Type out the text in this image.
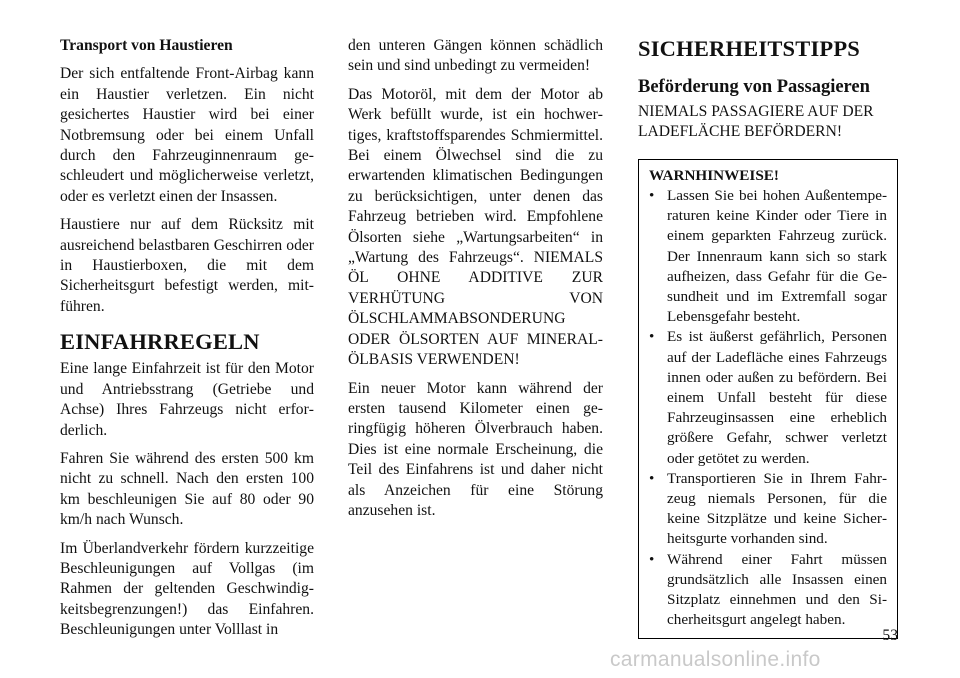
Transport von Haustieren

Der sich entfaltende Front-Airbag kann ein Haustier verletzen. Ein nicht gesichertes Haustier wird bei einer Notbremsung oder bei einem Unfall durch den Fahrzeuginnenraum geschleudert und möglicherweise verletzt, oder es verletzt einen der Insassen.

Haustiere nur auf dem Rücksitz mit ausreichend belastbaren Geschirren oder in Haustierboxen, die mit dem Sicherheitsgurt befestigt werden, mitführen.

EINFAHRREGELN

Eine lange Einfahrzeit ist für den Motor und Antriebsstrang (Getriebe und Achse) Ihres Fahrzeugs nicht erforderlich.

Fahren Sie während des ersten 500 km nicht zu schnell. Nach den ersten 100 km beschleunigen Sie auf 80 oder 90 km/h nach Wunsch.

Im Überlandverkehr fördern kurzzeitige Beschleunigungen auf Vollgas (im Rahmen der geltenden Geschwindigkeitsbegrenzungen!) das Einfahren. Beschleunigungen unter Volllast in

den unteren Gängen können schädlich sein und sind unbedingt zu vermeiden!

Das Motoröl, mit dem der Motor ab Werk befüllt wurde, ist ein hochwertiges, kraftstoffsparendes Schmiermittel. Bei einem Ölwechsel sind die zu erwartenden klimatischen Bedingungen zu berücksichtigen, unter denen das Fahrzeug betrieben wird. Empfohlene Ölsorten siehe „Wartungsarbeiten“ in „Wartung des Fahrzeugs“. NIEMALS ÖL OHNE ADDITIVE ZUR VERHÜTUNG VON ÖLSCHLAMMABSONDERUNG ODER ÖLSORTEN AUF MINERALÖLBASIS VERWENDEN!

Ein neuer Motor kann während der ersten tausend Kilometer einen geringfügig höheren Ölverbrauch haben. Dies ist eine normale Erscheinung, die Teil des Einfahrens ist und daher nicht als Anzeichen für eine Störung anzusehen ist.

SICHERHEITSTIPPS
Beförderung von Passagieren

NIEMALS PASSAGIERE AUF DER LADEFLÄCHE BEFÖRDERN!

WARNHINWEISE!
• Lassen Sie bei hohen Außentemperaturen keine Kinder oder Tiere in einem geparkten Fahrzeug zurück. Der Innenraum kann sich so stark aufheizen, dass Gefahr für die Gesundheit und im Extremfall sogar Lebensgefahr besteht.
• Es ist äußerst gefährlich, Personen auf der Ladefläche eines Fahrzeugs innen oder außen zu befördern. Bei einem Unfall besteht für diese Fahrzeuginsassen eine erheblich größere Gefahr, schwer verletzt oder getötet zu werden.
• Transportieren Sie in Ihrem Fahrzeug niemals Personen, für die keine Sitzplätze und keine Sicherheitsgurte vorhanden sind.
• Während einer Fahrt müssen grundsätzlich alle Insassen einen Sitzplatz einnehmen und den Sicherheitsgurt angelegt haben.
53
carmanualsonline.info
